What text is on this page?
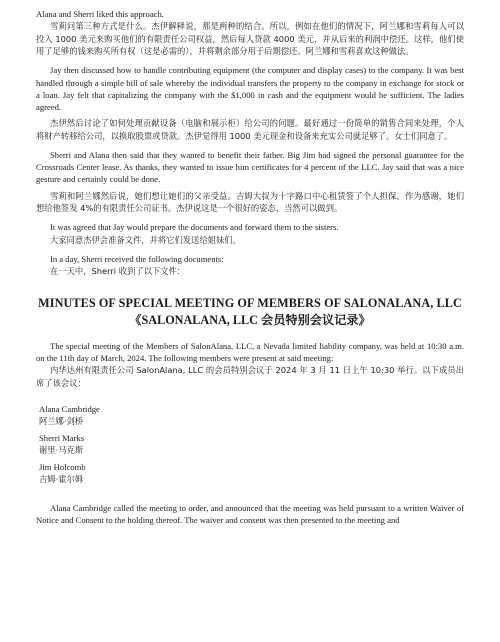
Alana and Sherri liked this approach.

雪莉问第三种方式是什么。杰伊解释说，那是两种的结合。所以，例如在他们的情况下，阿兰娜和雪莉每人可以投入 1000 美元来购买他们的有限责任公司权益，然后每人贷款 4000 美元，并从后来的利润中偿还。这样，他们使用了足够的钱来购买所有权（这是必需的），并将剩余部分用于后期偿还。阿兰娜和雪莉喜欢这种做法。

Jay then discussed how to handle contributing equipment (the computer and display cases) to the company. It was best handled through a simple bill of sale whereby the individual transfers the property to the company in exchange for stock or a loan. Jay felt that capitalizing the company with the $1,000 in cash and the equipment would be sufficient. The ladies agreed.

杰伊然后讨论了如何处理贡献设备（电脑和展示柜）给公司的问题。最好通过一份简单的销售合同来处理，个人将财产转移给公司，以换取股票或贷款。杰伊觉得用 1000 美元现金和设备来充实公司就足够了。女士们同意了。

Sherri and Alana then said that they wanted to benefit their father. Big Jim had signed the personal guarantee for the Crossroads Center lease. As thanks, they wanted to issue him certificates for 4 percent of the LLC. Jay said that was a nice gesture and certainly could be done.

雪莉和阿兰娜然后说，她们想让她们的父亲受益。吉姆大叔为十字路口中心租赁签了个人担保。作为感谢，她们想给他签发 4%的有限责任公司证书。杰伊说这是一个很好的姿态，当然可以做到。

It was agreed that Jay would prepare the documents and forward them to the sisters.

大家同意杰伊会准备文件，并将它们发送给姐妹们。

In a day, Sherri received the following documents:

在一天中，Sherri 收到了以下文件：

MINUTES OF SPECIAL MEETING OF MEMBERS OF SALONALANA, LLC

《SALONALANA, LLC 会员特别会议记录》

The special meeting of the Members of SalonAlana, LLC, a Nevada limited liability company, was held at 10:30 a.m. on the 11th day of March, 2024. The following members were present at said meeting:

内华达州有限责任公司 SalonAlana, LLC 的会员特别会议于 2024 年 3 月 11 日上午 10:30 举行。以下成员出席了该会议：

Alana Cambridge

阿兰娜·剑桥

Sherri Marks

谢里·马克斯

Jim Holcomb

吉姆·霍尔姆

Alana Cambridge called the meeting to order, and announced that the meeting was held pursuant to a written Waiver of Notice and Consent to the holding thereof. The waiver and consent was then presented to the meeting and
